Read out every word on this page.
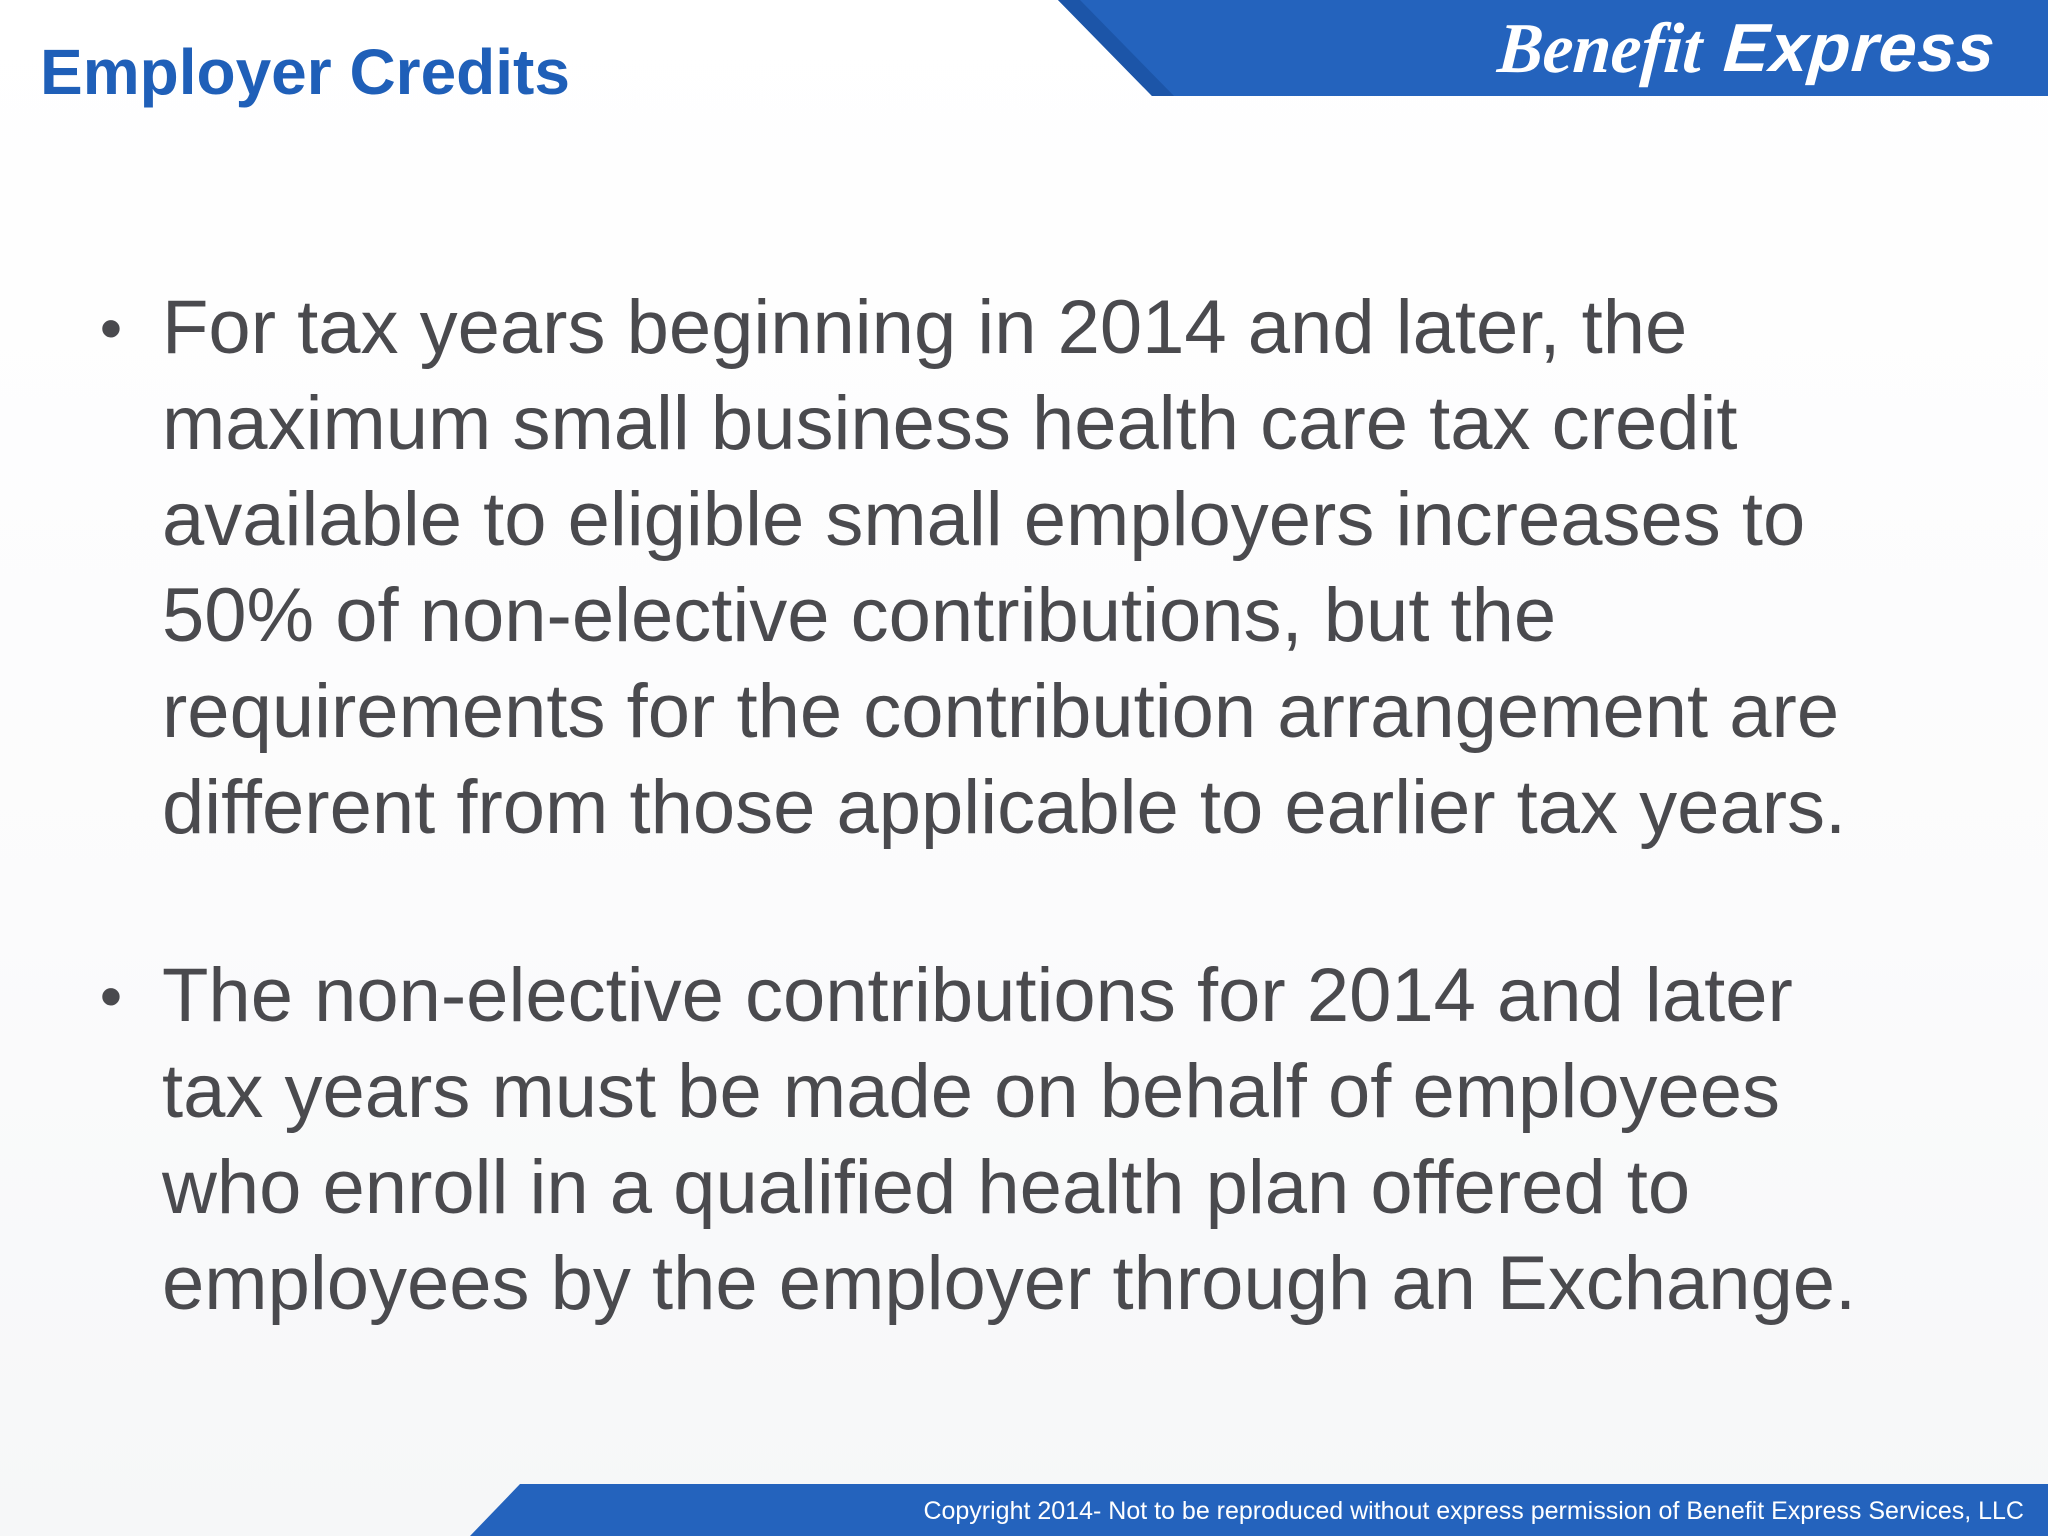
Benefit Express
Employer Credits
• For tax years beginning in 2014 and later, the
maximum small business health care tax credit
available to eligible small employers increases to
50% of non-elective contributions, but the
requirements for the contribution arrangement are
different from those applicable to earlier tax years.
• The non-elective contributions for 2014 and later
tax years must be made on behalf of employees
who enroll in a qualified health plan offered to
employees by the employer through an Exchange.

Copyright 2014- Not to be reproduced without express permission of Benefit Express Services, LLC
